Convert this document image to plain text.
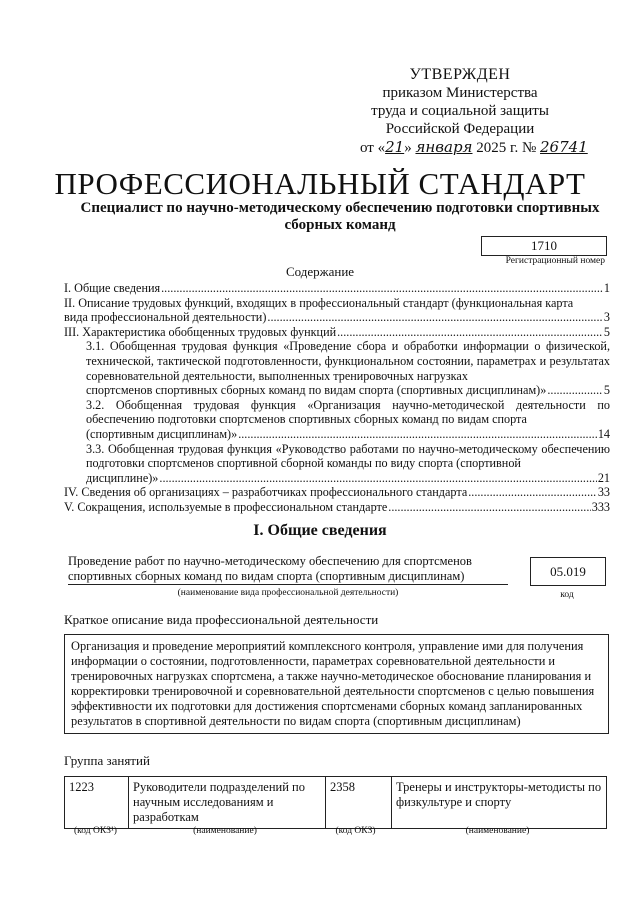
УТВЕРЖДЕН
приказом Министерства
труда и социальной защиты
Российской Федерации
от «21» января 2025 г. № 26741
ПРОФЕССИОНАЛЬНЫЙ СТАНДАРТ
Специалист по научно-методическому обеспечению подготовки спортивных сборных команд
1710
Регистрационный номер
Содержание
I. Общие сведения .....	1
II. Описание трудовых функций, входящих в профессиональный стандарт (функциональная карта
вида профессиональной деятельности) .....	3
III. Характеристика обобщенных трудовых функций .....	5
3.1. Обобщенная трудовая функция «Проведение сбора и обработки информации о физической, технической, тактической подготовленности, функциональном состоянии, параметрах и результатах соревновательной деятельности, выполненных тренировочных нагрузках
спортсменов спортивных сборных команд по видам спорта (спортивных дисциплинам)» .....	5
3.2. Обобщенная трудовая функция «Организация научно-методической деятельности по обеспечению подготовки спортсменов спортивных сборных команд по видам спорта
(спортивным дисциплинам)» .....	14
3.3. Обобщенная трудовая функция «Руководство работами по научно-методическому обеспечению подготовки спортсменов спортивной сборной команды по виду спорта (спортивной
дисциплине)» .....	21
IV. Сведения об организациях – разработчиках профессионального стандарта .....	33
V. Сокращения, используемые в профессиональном стандарте .....	333
I. Общие сведения
Проведение работ по научно-методическому обеспечению для спортсменов спортивных сборных команд по видам спорта (спортивным дисциплинам)	05.019
(наименование вида профессиональной деятельности)	код
Краткое описание вида профессиональной деятельности
Организация и проведение мероприятий комплексного контроля, управление ими для получения информации о состоянии, подготовленности, параметрах соревновательной деятельности и тренировочных нагрузках спортсмена, а также научно-методическое обоснование планирования и корректировки тренировочной и соревновательной деятельности спортсменов с целью повышения эффективности их подготовки для достижения спортсменами сборных команд запланированных результатов в спортивной деятельности по видам спорта (спортивным дисциплинам)
Группа занятий
1223	Руководители подразделений по научным исследованиям и разработкам	2358	Тренеры и инструкторы-методисты по физкультуре и спорту
(код ОКЗ¹)	(наименование)	(код ОКЗ)	(наименование)
